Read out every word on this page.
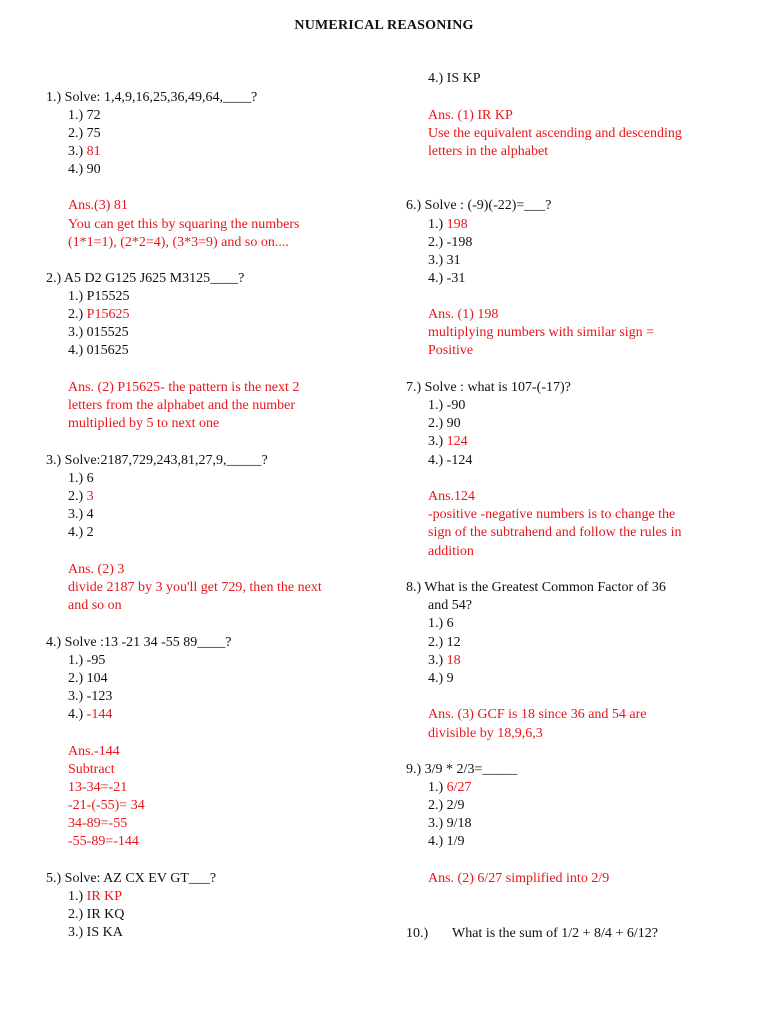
NUMERICAL REASONING
1.) Solve: 1,4,9,16,25,36,49,64,____?
1.) 72
2.) 75
3.) 81
4.) 90
Ans.(3) 81
You can get this by squaring the numbers
(1*1=1), (2*2=4), (3*3=9) and so on....
2.) A5 D2 G125 J625 M3125____?
1.) P15525
2.) P15625
3.) 015525
4.) 015625
Ans. (2) P15625- the pattern is the next 2
letters from the alphabet and the number
multiplied by 5 to next one
3.) Solve:2187,729,243,81,27,9,_____?
1.) 6
2.) 3
3.) 4
4.) 2
Ans. (2) 3
divide 2187 by 3 you'll get 729, then the next
and so on
4.) Solve :13 -21 34 -55 89____?
1.) -95
2.) 104
3.) -123
4.) -144
Ans.-144
Subtract
13-34=-21
-21-(-55)= 34
34-89=-55
-55-89=-144
5.) Solve: AZ CX EV GT___?
1.) IR KP
2.) IR KQ
3.) IS KA
4.) IS KP
Ans. (1) IR KP
Use the equivalent ascending and descending
letters in the alphabet
6.) Solve : (-9)(-22)=___?
1.) 198
2.) -198
3.) 31
4.) -31
Ans. (1) 198
multiplying numbers with similar sign =
Positive
7.) Solve : what is 107-(-17)?
1.) -90
2.) 90
3.) 124
4.) -124
Ans.124
-positive -negative numbers is to change the
sign of the subtrahend and follow the rules in
addition
8.) What is the Greatest Common Factor of 36
and 54?
1.) 6
2.) 12
3.) 18
4.) 9
Ans. (3) GCF is 18 since 36 and 54 are
divisible by 18,9,6,3
9.) 3/9 * 2/3=_____
1.) 6/27
2.) 2/9
3.) 9/18
4.) 1/9
Ans. (2) 6/27 simplified into 2/9
10.) What is the sum of 1/2 + 8/4 + 6/12?
